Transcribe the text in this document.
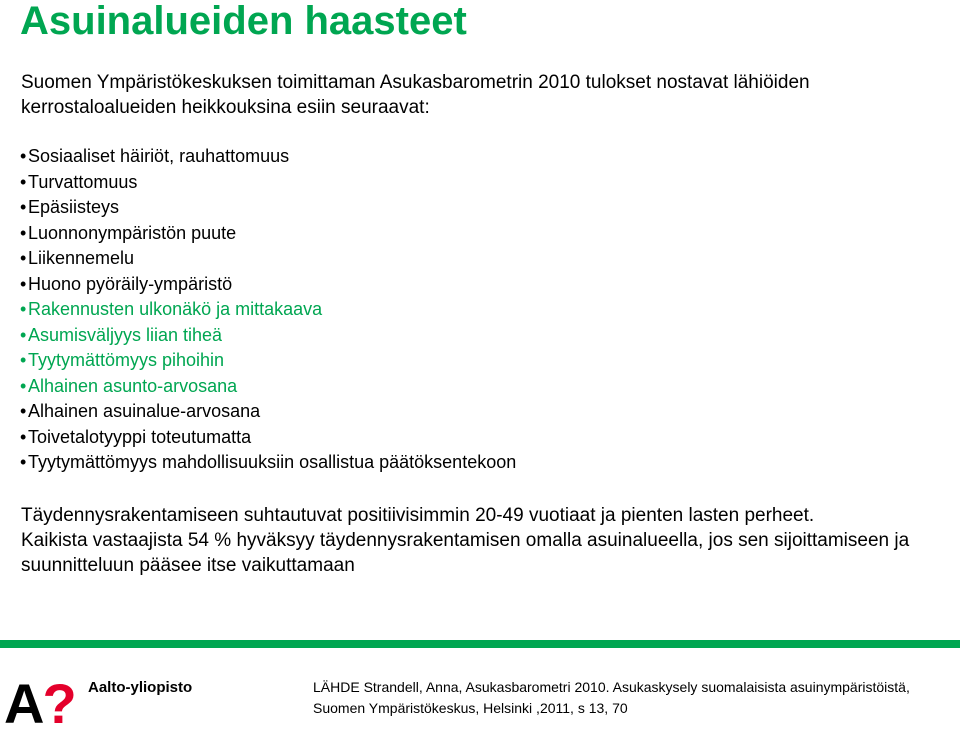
Asuinalueiden haasteet

Suomen Ympäristökeskuksen toimittaman Asukasbarometrin 2010 tulokset nostavat lähiöiden kerrostaloalueiden heikkouksina esiin seuraavat:

•Sosiaaliset häiriöt, rauhattomuus
•Turvattomuus
•Epäsiisteys
•Luonnonympäristön puute
•Liikennemelu
•Huono pyöräily-ympäristö
•Rakennusten ulkonäkö ja mittakaava
•Asumisväljyys liian tiheä
•Tyytymättömyys pihoihin
•Alhainen asunto-arvosana
•Alhainen asuinalue-arvosana
•Toivetalotyyppi toteutumatta
•Tyytymättömyys mahdollisuuksiin osallistua päätöksentekoon

Täydennysrakentamiseen suhtautuvat positiivisimmin 20-49 vuotiaat ja pienten lasten perheet.

Kaikista vastaajista 54 % hyväksyy täydennysrakentamisen omalla asuinalueella, jos sen sijoittamiseen ja suunnitteluun pääsee itse vaikuttamaan

A? Aalto-yliopisto	LÄHDE Strandell, Anna, Asukasbarometri 2010. Asukaskysely suomalaisista asuinympäristöistä, Suomen Ympäristökeskus, Helsinki ,2011, s 13, 70
